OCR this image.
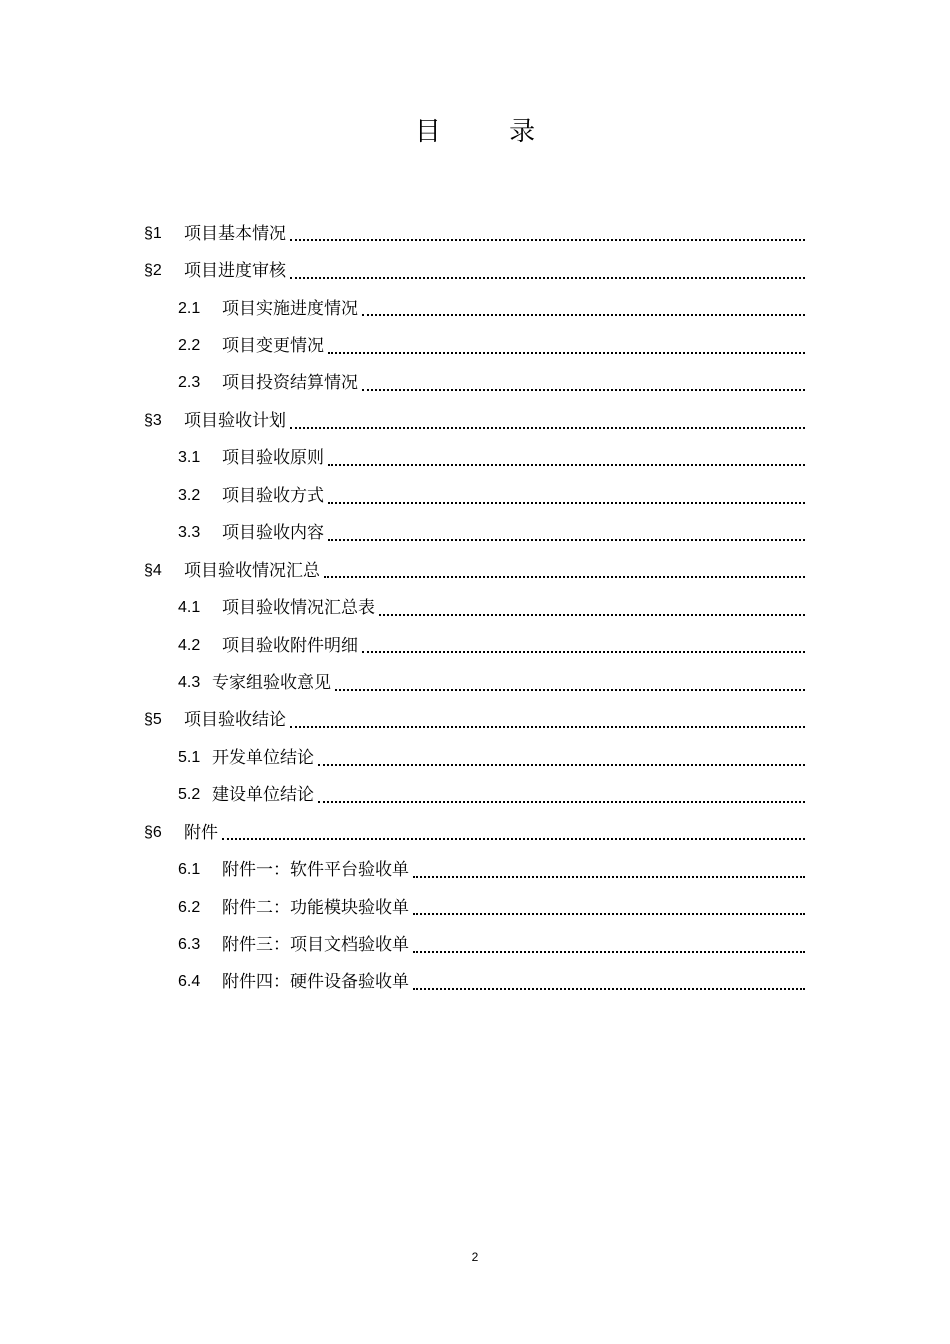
目 录
§1	项目基本情况
§2	项目进度审核
2.1	项目实施进度情况
2.2	项目变更情况
2.3	项目投资结算情况
§3	项目验收计划
3.1	项目验收原则
3.2	项目验收方式
3.3	项目验收内容
§4	项目验收情况汇总
4.1	项目验收情况汇总表
4.2	项目验收附件明细
4.3 专家组验收意见
§5	项目验收结论
5.1 开发单位结论
5.2 建设单位结论
§6	附件
6.1	附件一：软件平台验收单
6.2	附件二：功能模块验收单
6.3	附件三：项目文档验收单
6.4	附件四：硬件设备验收单
2
